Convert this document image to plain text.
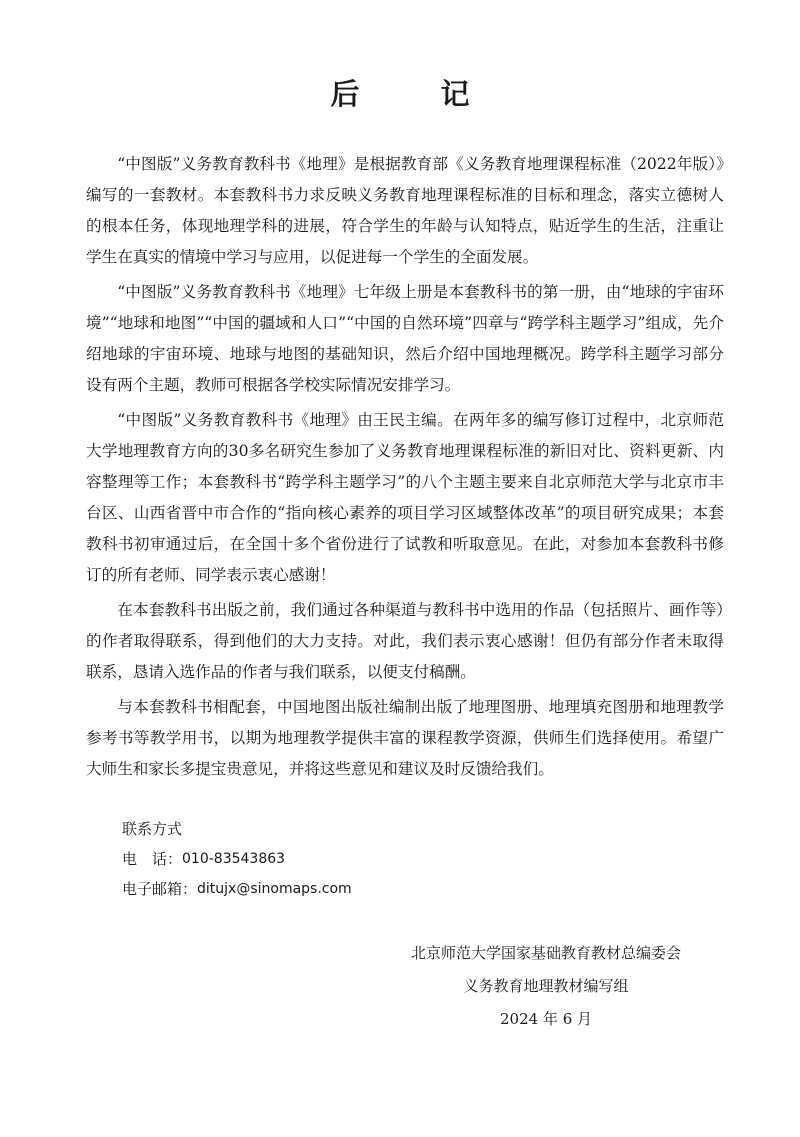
后　记

“中图版”义务教育教科书《地理》是根据教育部《义务教育地理课程标准（2022年版）》编写的一套教材。本套教科书力求反映义务教育地理课程标准的目标和理念，落实立德树人的根本任务，体现地理学科的进展，符合学生的年龄与认知特点，贴近学生的生活，注重让学生在真实的情境中学习与应用，以促进每一个学生的全面发展。

“中图版”义务教育教科书《地理》七年级上册是本套教科书的第一册，由“地球的宇宙环境”“地球和地图”“中国的疆域和人口”“中国的自然环境”四章与“跨学科主题学习”组成，先介绍地球的宇宙环境、地球与地图的基础知识，然后介绍中国地理概况。跨学科主题学习部分设有两个主题，教师可根据各学校实际情况安排学习。

“中图版”义务教育教科书《地理》由王民主编。在两年多的编写修订过程中，北京师范大学地理教育方向的30多名研究生参加了义务教育地理课程标准的新旧对比、资料更新、内容整理等工作；本套教科书“跨学科主题学习”的八个主题主要来自北京师范大学与北京市丰台区、山西省晋中市合作的“指向核心素养的项目学习区域整体改革”的项目研究成果；本套教科书初审通过后，在全国十多个省份进行了试教和听取意见。在此，对参加本套教科书修订的所有老师、同学表示衷心感谢！

在本套教科书出版之前，我们通过各种渠道与教科书中选用的作品（包括照片、画作等）的作者取得联系，得到他们的大力支持。对此，我们表示衷心感谢！但仍有部分作者未取得联系，恳请入选作品的作者与我们联系，以便支付稿酬。

与本套教科书相配套，中国地图出版社编制出版了地理图册、地理填充图册和地理教学参考书等教学用书，以期为地理教学提供丰富的课程教学资源，供师生们选择使用。希望广大师生和家长多提宝贵意见，并将这些意见和建议及时反馈给我们。

联系方式
电　话： 010-83543863
电子邮箱： ditujx@sinomaps.com
北京师范大学国家基础教育教材总编委会
义务教育地理教材编写组
2024 年 6 月
